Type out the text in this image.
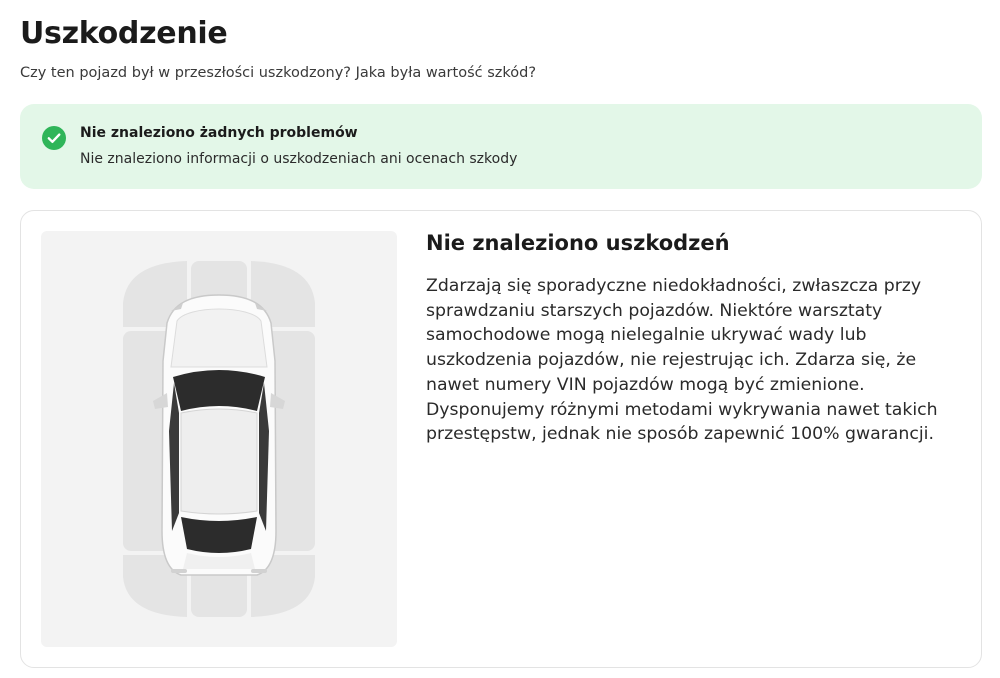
Uszkodzenie

Czy ten pojazd był w przeszłości uszkodzony? Jaka była wartość szkód?

Nie znaleziono żadnych problemów
Nie znaleziono informacji o uszkodzeniach ani ocenach szkody
Nie znaleziono uszkodzeń

Zdarzają się sporadyczne niedokładności, zwłaszcza przy sprawdzaniu starszych pojazdów. Niektóre warsztaty samochodowe mogą nielegalnie ukrywać wady lub uszkodzenia pojazdów, nie rejestrując ich. Zdarza się, że nawet numery VIN pojazdów mogą być zmienione. Dysponujemy różnymi metodami wykrywania nawet takich przestępstw, jednak nie sposób zapewnić 100% gwarancji.
